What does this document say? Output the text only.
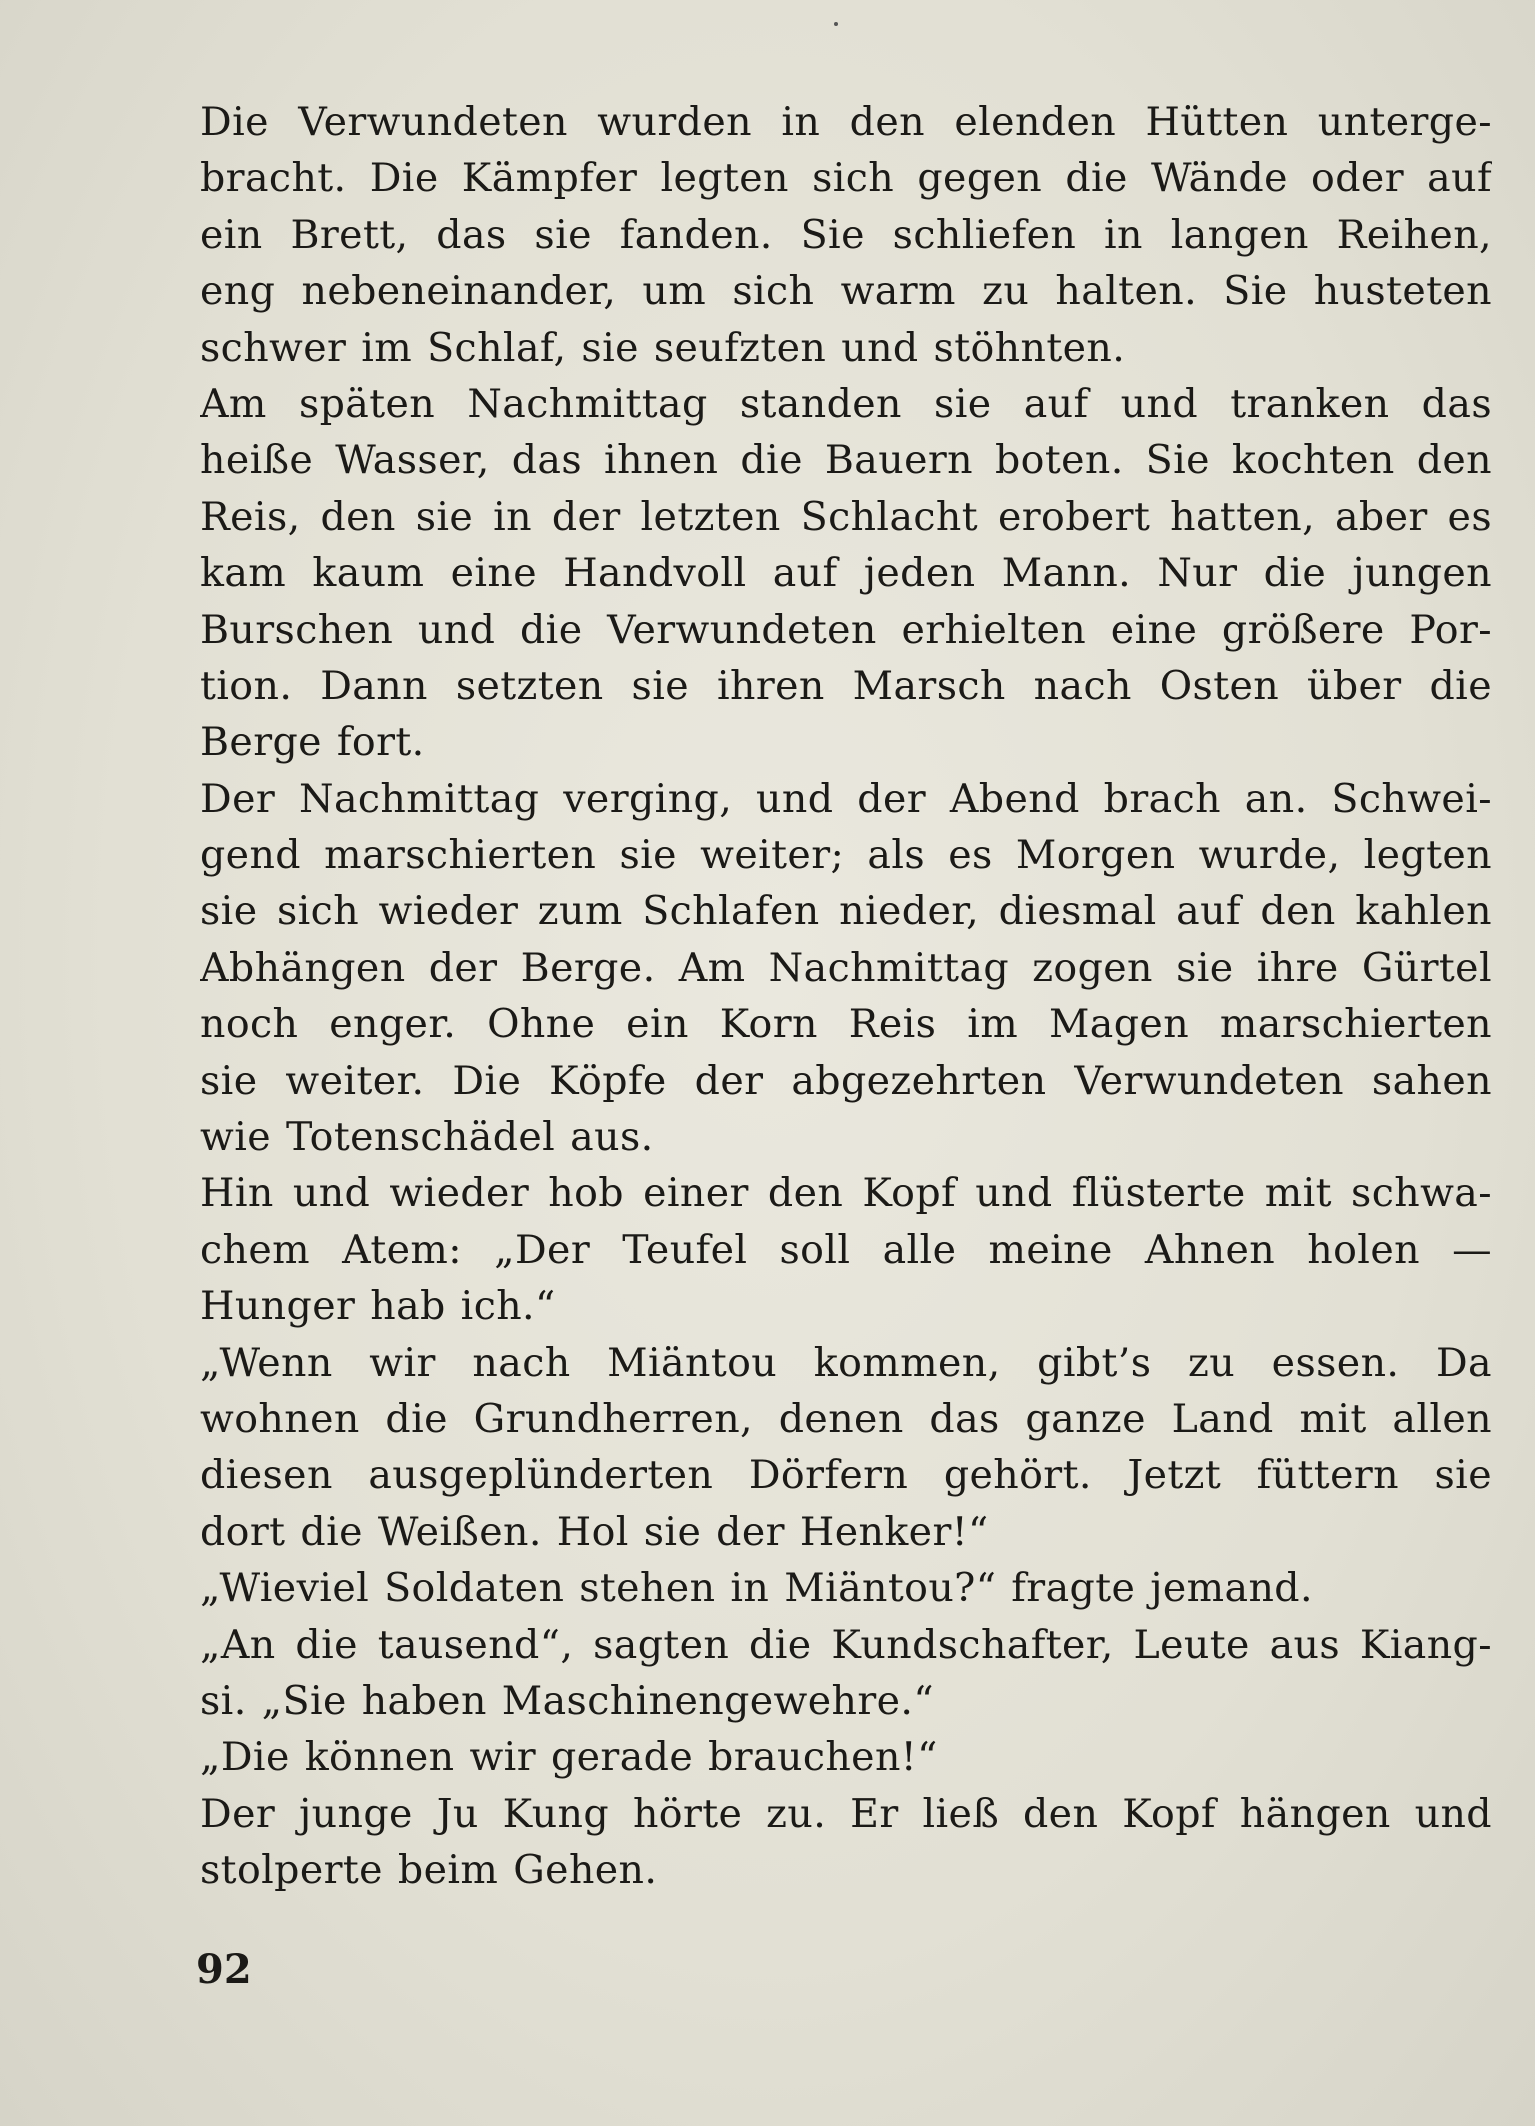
Die Verwundeten wurden in den elenden Hütten unterge-
bracht. Die Kämpfer legten sich gegen die Wände oder auf
ein Brett, das sie fanden. Sie schliefen in langen Reihen,
eng nebeneinander, um sich warm zu halten. Sie husteten
schwer im Schlaf, sie seufzten und stöhnten.
Am späten Nachmittag standen sie auf und tranken das
heiße Wasser, das ihnen die Bauern boten. Sie kochten den
Reis, den sie in der letzten Schlacht erobert hatten, aber es
kam kaum eine Handvoll auf jeden Mann. Nur die jungen
Burschen und die Verwundeten erhielten eine größere Por-
tion. Dann setzten sie ihren Marsch nach Osten über die
Berge fort.
Der Nachmittag verging, und der Abend brach an. Schwei-
gend marschierten sie weiter; als es Morgen wurde, legten
sie sich wieder zum Schlafen nieder, diesmal auf den kahlen
Abhängen der Berge. Am Nachmittag zogen sie ihre Gürtel
noch enger. Ohne ein Korn Reis im Magen marschierten
sie weiter. Die Köpfe der abgezehrten Verwundeten sahen
wie Totenschädel aus.
Hin und wieder hob einer den Kopf und flüsterte mit schwa-
chem Atem: „Der Teufel soll alle meine Ahnen holen —
Hunger hab ich.“
„Wenn wir nach Miäntou kommen, gibt’s zu essen. Da
wohnen die Grundherren, denen das ganze Land mit allen
diesen ausgeplünderten Dörfern gehört. Jetzt füttern sie
dort die Weißen. Hol sie der Henker!“
„Wieviel Soldaten stehen in Miäntou?“ fragte jemand.
„An die tausend“, sagten die Kundschafter, Leute aus Kiang-
si. „Sie haben Maschinengewehre.“
„Die können wir gerade brauchen!“
Der junge Ju Kung hörte zu. Er ließ den Kopf hängen und
stolperte beim Gehen.
92
